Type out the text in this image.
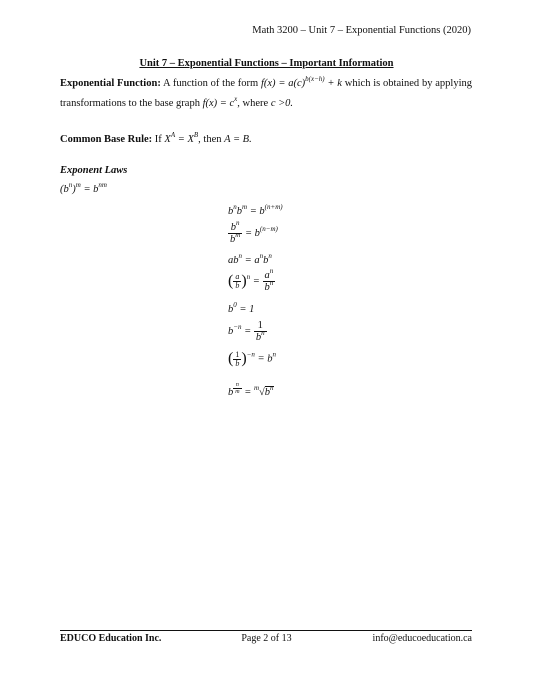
Math 3200 – Unit 7 – Exponential Functions (2020)
Unit 7 – Exponential Functions – Important Information
Exponential Function: A function of the form $f(x) = a(c)^{b(x-h)} + k$ which is obtained by applying transformations to the base graph $f(x) = c^x$, where c >0.
Common Base Rule: If $X^A = X^B$, then A = B.
Exponent Laws
$(b^n)^m = b^{nm}$
$b^nb^m = b^{(n+m)}$
$\frac{b^n}{b^m} = b^{(n-m)}$
$ab^n = a^nb^n$
( $\frac{a}{b} )^n = \frac{a^n}{b^n}$
$b^0 = 1$
$b^{-n} = \frac{1}{b^n}$
( $\frac{1}{b} )^{-n} = b^n$
b $^{\frac{n}{m}} = ^m√b^n$
EDUCO Education Inc.	Page 2 of 13	info@educoeducation.ca
